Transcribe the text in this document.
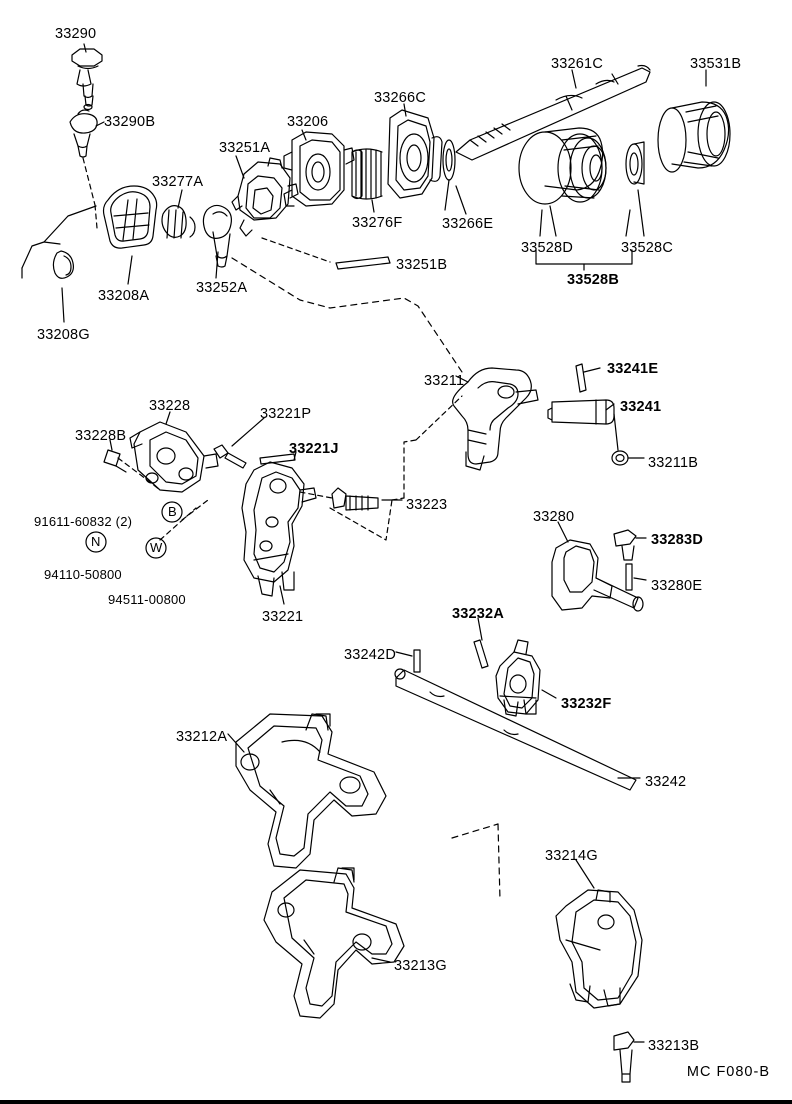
33290
33290B
33277A
33251A
33206
33266C
33261C	33531B
33266E
33276F
33252A
33208A
33208G
33251B
33528D	33528C
33528B
33211
33241E
33241
33211B
33228	33221P
33228B
33221J
33223
91611-60832 (2)
94110-50800
94511-00800
33221
33280
33283D
33280E
33232A
33242D
33232F
33242
33212A
33214G
33213G
33213B
B
N	W
MC F080-B
